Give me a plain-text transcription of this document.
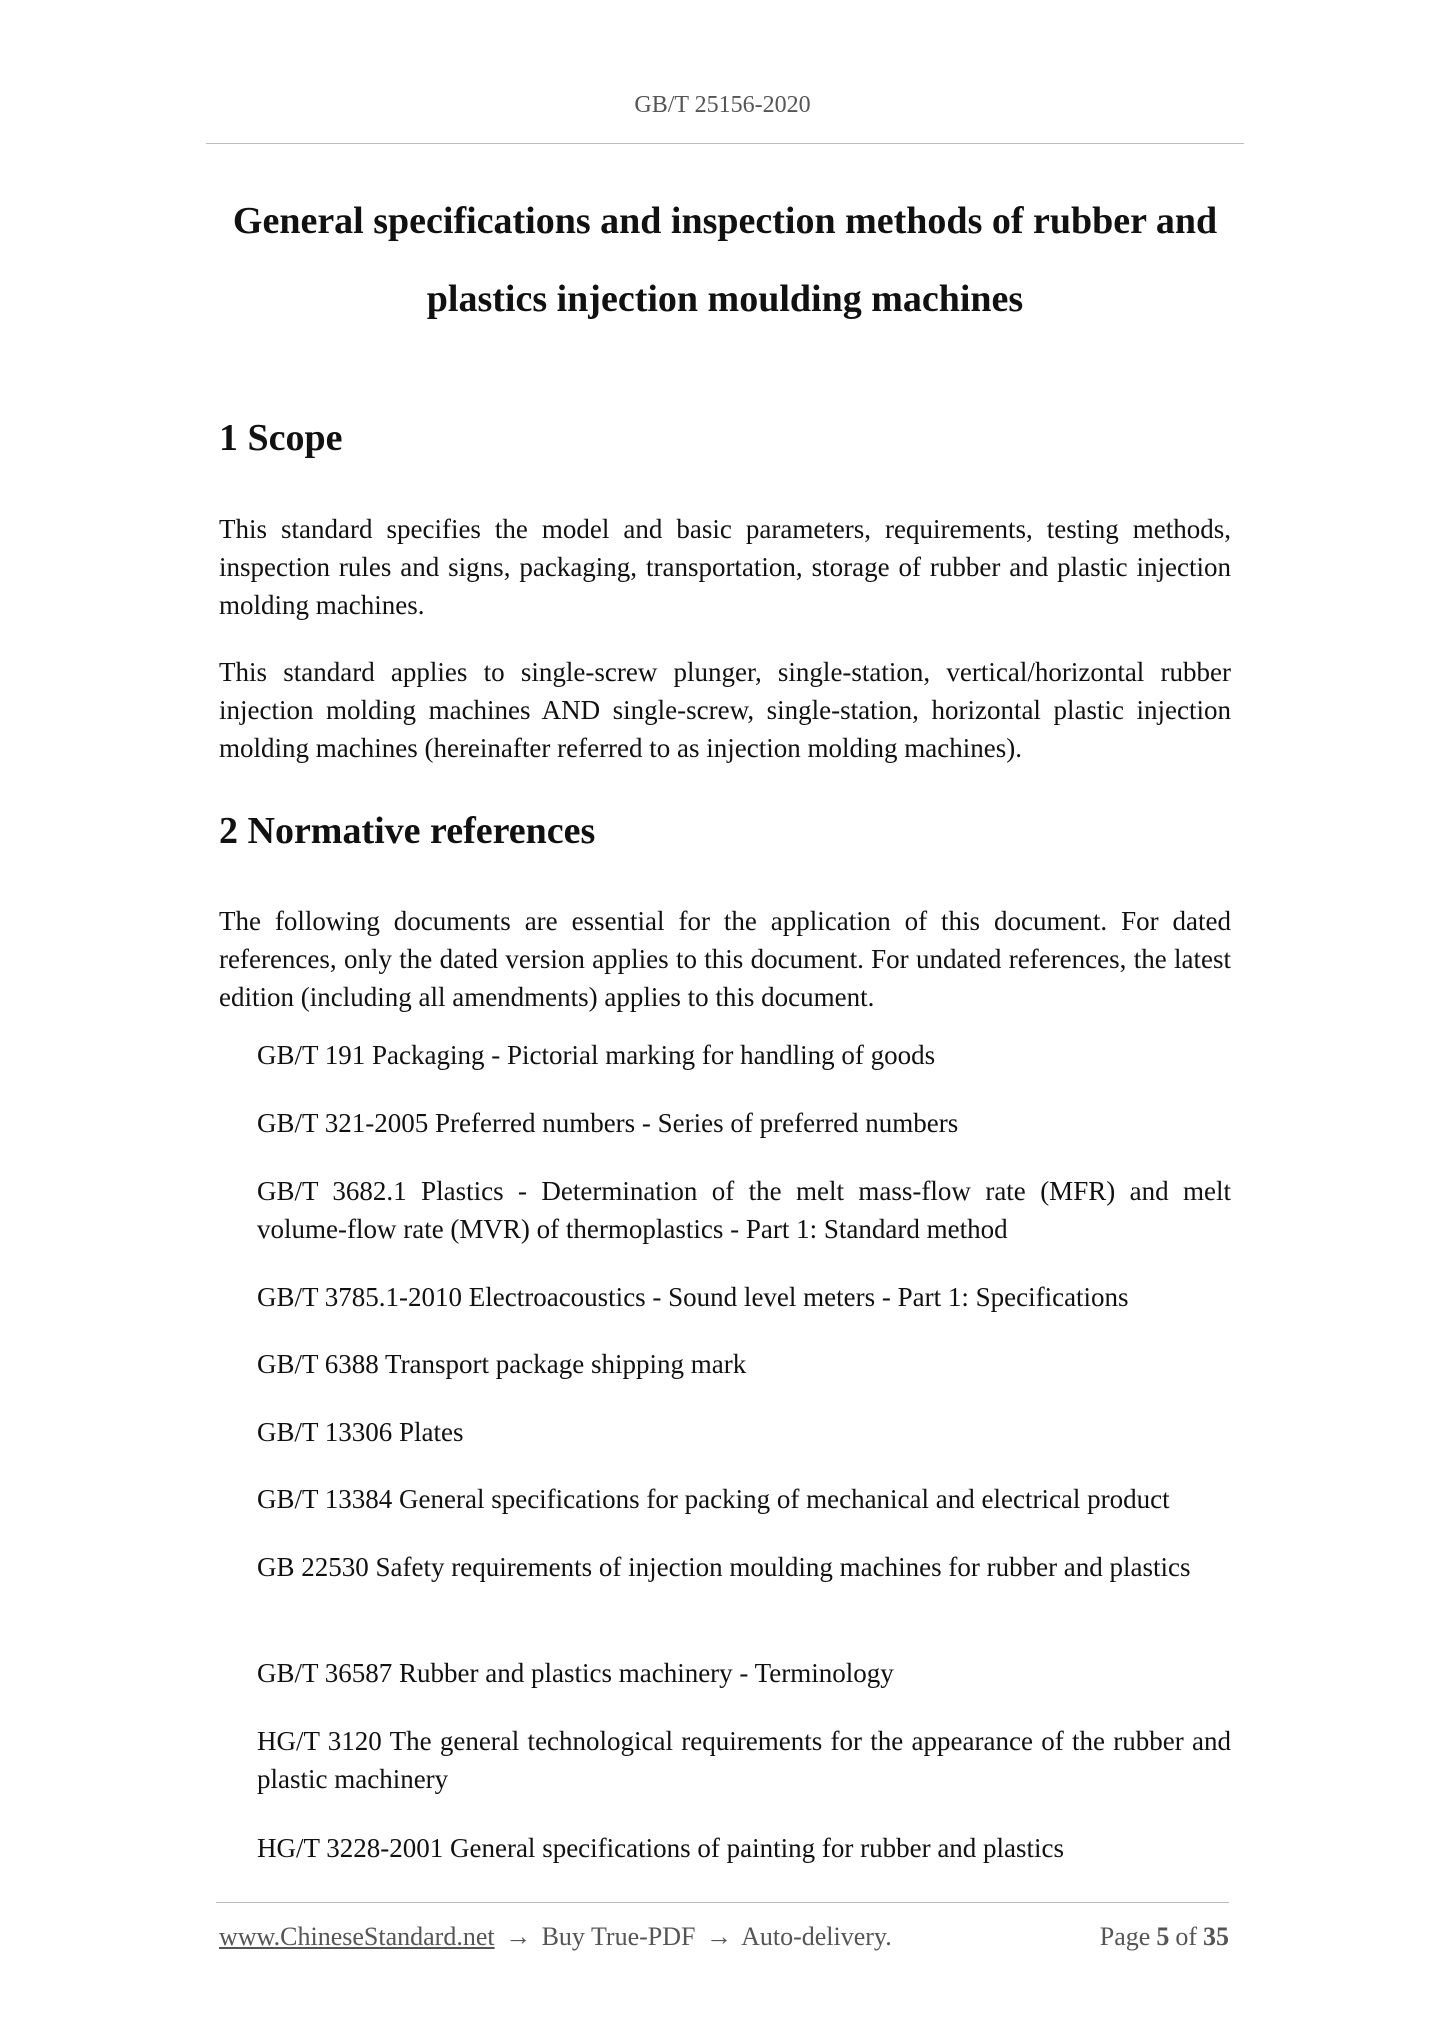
GB/T 25156-2020
General specifications and inspection methods of rubber and plastics injection moulding machines
1 Scope

This standard specifies the model and basic parameters, requirements, testing methods, inspection rules and signs, packaging, transportation, storage of rubber and plastic injection molding machines.

This standard applies to single-screw plunger, single-station, vertical/horizontal rubber injection molding machines AND single-screw, single-station, horizontal plastic injection molding machines (hereinafter referred to as injection molding machines).

2 Normative references

The following documents are essential for the application of this document. For dated references, only the dated version applies to this document. For undated references, the latest edition (including all amendments) applies to this document.

GB/T 191 Packaging - Pictorial marking for handling of goods

GB/T 321-2005 Preferred numbers - Series of preferred numbers

GB/T 3682.1 Plastics - Determination of the melt mass-flow rate (MFR) and melt volume-flow rate (MVR) of thermoplastics - Part 1: Standard method

GB/T 3785.1-2010 Electroacoustics - Sound level meters - Part 1: Specifications

GB/T 6388 Transport package shipping mark

GB/T 13306 Plates

GB/T 13384 General specifications for packing of mechanical and electrical product

GB 22530 Safety requirements of injection moulding machines for rubber and plastics

GB/T 36587 Rubber and plastics machinery - Terminology

HG/T 3120 The general technological requirements for the appearance of the rubber and plastic machinery

HG/T 3228-2001 General specifications of painting for rubber and plastics

www.ChineseStandard.net → Buy True-PDF → Auto-delivery.	Page 5 of 35
